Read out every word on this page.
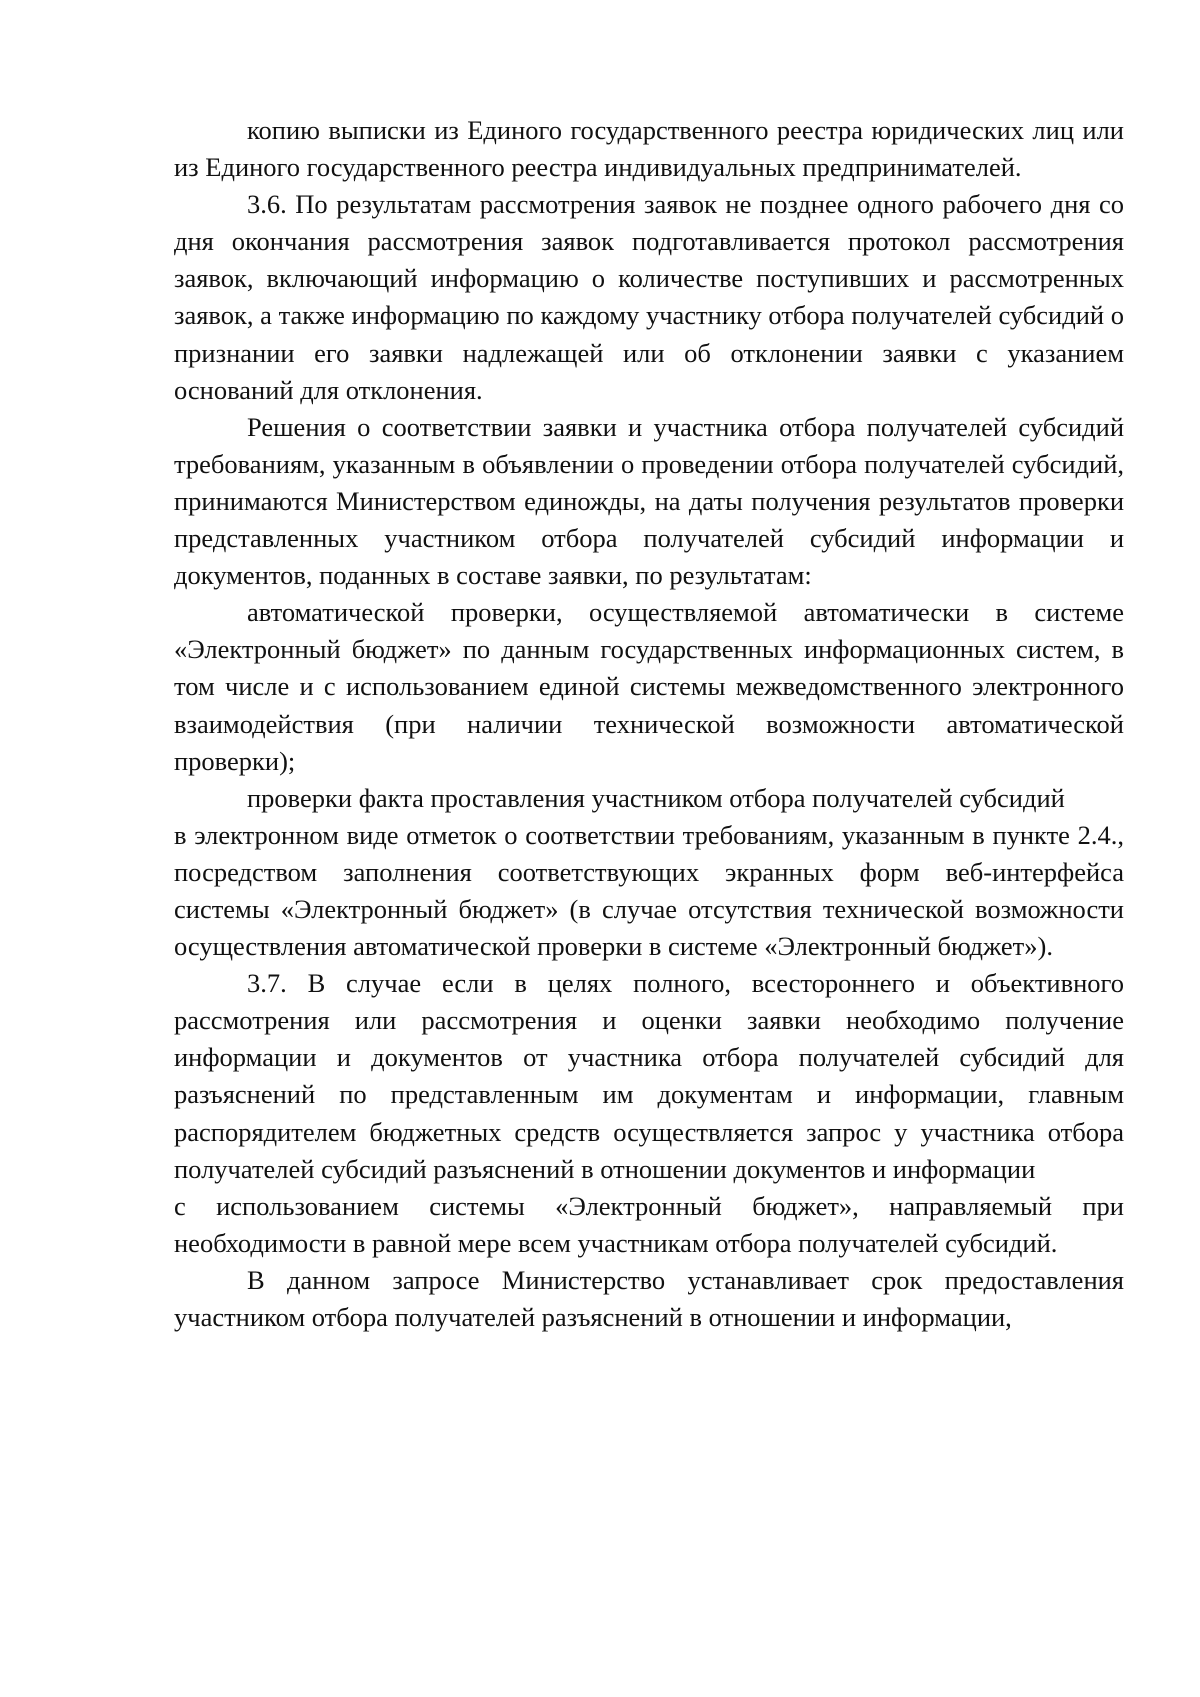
копию выписки из Единого государственного реестра юридических лиц или из Единого государственного реестра индивидуальных предпринимателей.

3.6. По результатам рассмотрения заявок не позднее одного рабочего дня со дня окончания рассмотрения заявок подготавливается протокол рассмотрения заявок, включающий информацию о количестве поступивших и рассмотренных заявок, а также информацию по каждому участнику отбора получателей субсидий о признании его заявки надлежащей или об отклонении заявки с указанием оснований для отклонения.

Решения о соответствии заявки и участника отбора получателей субсидий требованиям, указанным в объявлении о проведении отбора получателей субсидий, принимаются Министерством единожды, на даты получения результатов проверки представленных участником отбора получателей субсидий информации и документов, поданных в составе заявки, по результатам:

автоматической проверки, осуществляемой автоматически в системе «Электронный бюджет» по данным государственных информационных систем, в том числе и с использованием единой системы межведомственного электронного взаимодействия (при наличии технической возможности автоматической проверки);

проверки факта проставления участником отбора получателей субсидий

в электронном виде отметок о соответствии требованиям, указанным в пункте 2.4., посредством заполнения соответствующих экранных форм веб-интерфейса системы «Электронный бюджет» (в случае отсутствия технической возможности осуществления автоматической проверки в системе «Электронный бюджет»).

3.7. В случае если в целях полного, всестороннего и объективного рассмотрения или рассмотрения и оценки заявки необходимо получение информации и документов от участника отбора получателей субсидий для разъяснений по представленным им документам и информации, главным распорядителем бюджетных средств осуществляется запрос у участника отбора получателей субсидий разъяснений в отношении документов и информации

с использованием системы «Электронный бюджет», направляемый при необходимости в равной мере всем участникам отбора получателей субсидий.

В данном запросе Министерство устанавливает срок предоставления участником отбора получателей разъяснений в отношении и информации,
